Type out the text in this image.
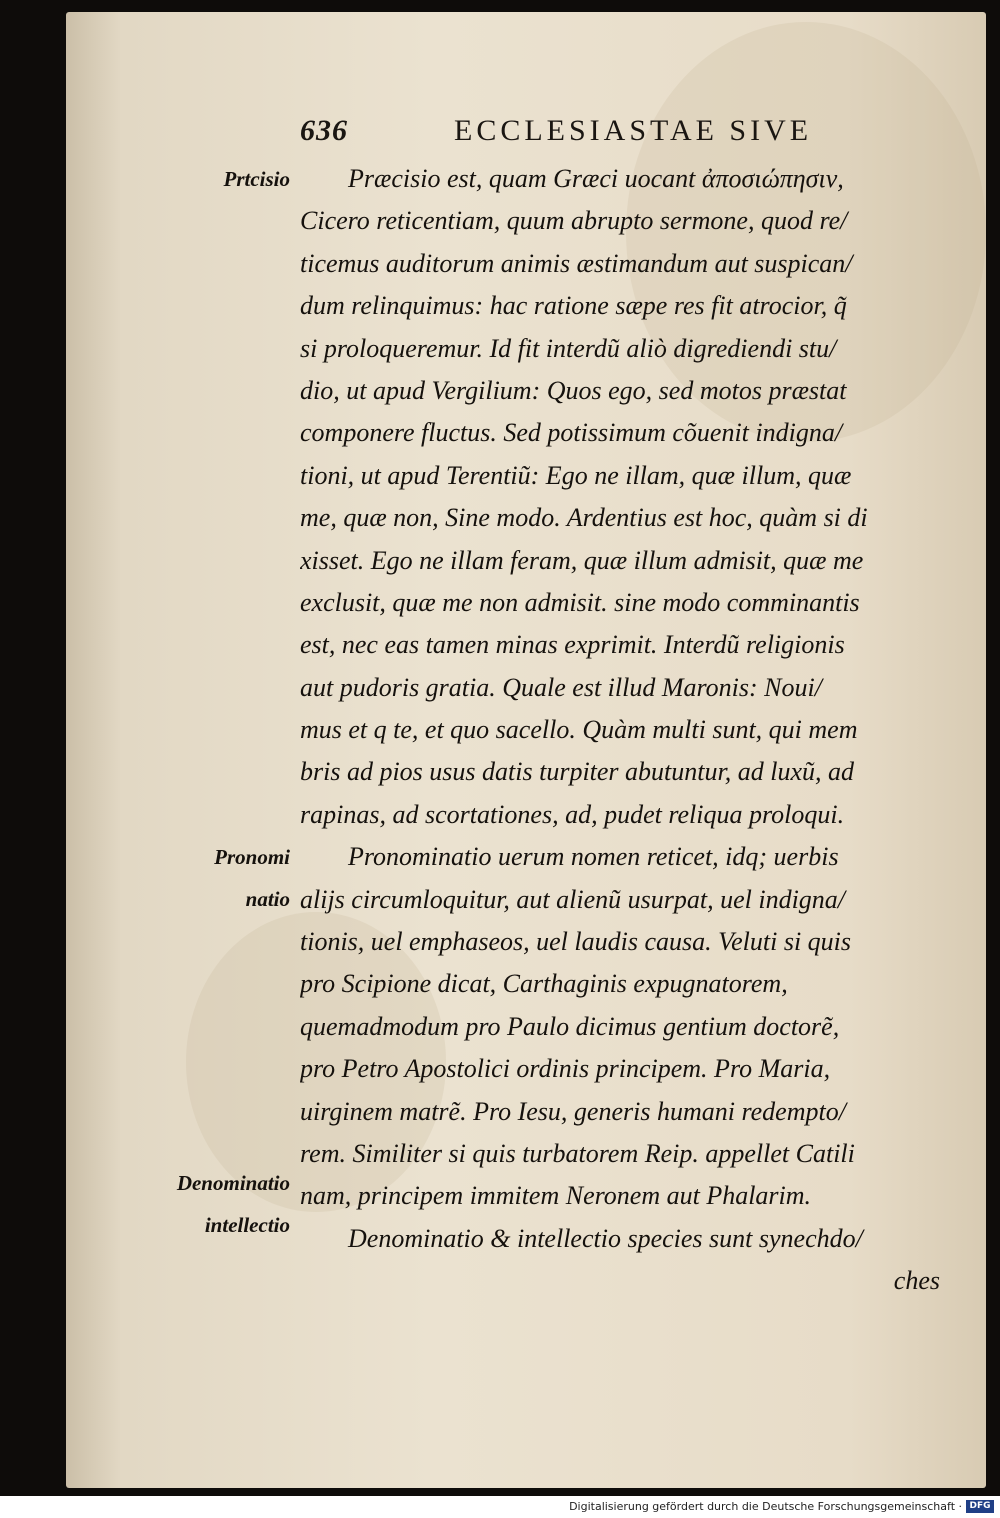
636	ECCLESIASTAE SIVE
Prtcisio
Pronomi
natio
Denominatio
intellectio
Præcisio est, quam Græci uocant ἀποσιώπησιν,
Cicero reticentiam, quum abrupto sermone, quod re/
ticemus auditorum animis æstimandum aut suspican/
dum relinquimus: hac ratione sæpe res fit atrocior, q̃
si proloqueremur. Id fit interdũ aliò digrediendi stu/
dio, ut apud Vergilium: Quos ego, sed motos præstat
componere fluctus. Sed potissimum cõuenit indigna/
tioni, ut apud Terentiũ: Ego ne illam, quæ illum, quæ
me, quæ non, Sine modo. Ardentius est hoc, quàm si di
xisset. Ego ne illam feram, quæ illum admisit, quæ me
exclusit, quæ me non admisit. sine modo comminantis
est, nec eas tamen minas exprimit. Interdũ religionis
aut pudoris gratia. Quale est illud Maronis: Noui/
mus et q te, et quo sacello. Quàm multi sunt, qui mem
bris ad pios usus datis turpiter abutuntur, ad luxũ, ad
rapinas, ad scortationes, ad, pudet reliqua proloqui.
Pronominatio uerum nomen reticet, idq; uerbis
alijs circumloquitur, aut alienũ usurpat, uel indigna/
tionis, uel emphaseos, uel laudis causa. Veluti si quis
pro Scipione dicat, Carthaginis expugnatorem,
quemadmodum pro Paulo dicimus gentium doctorẽ,
pro Petro Apostolici ordinis principem. Pro Maria,
uirginem matrẽ. Pro Iesu, generis humani redempto/
rem. Similiter si quis turbatorem Reip. appellet Catili
nam, principem immitem Neronem aut Phalarim.
Denominatio & intellectio species sunt synechdo/
ches
Digitalisierung gefördert durch die Deutsche Forschungsgemeinschaft · DFG
